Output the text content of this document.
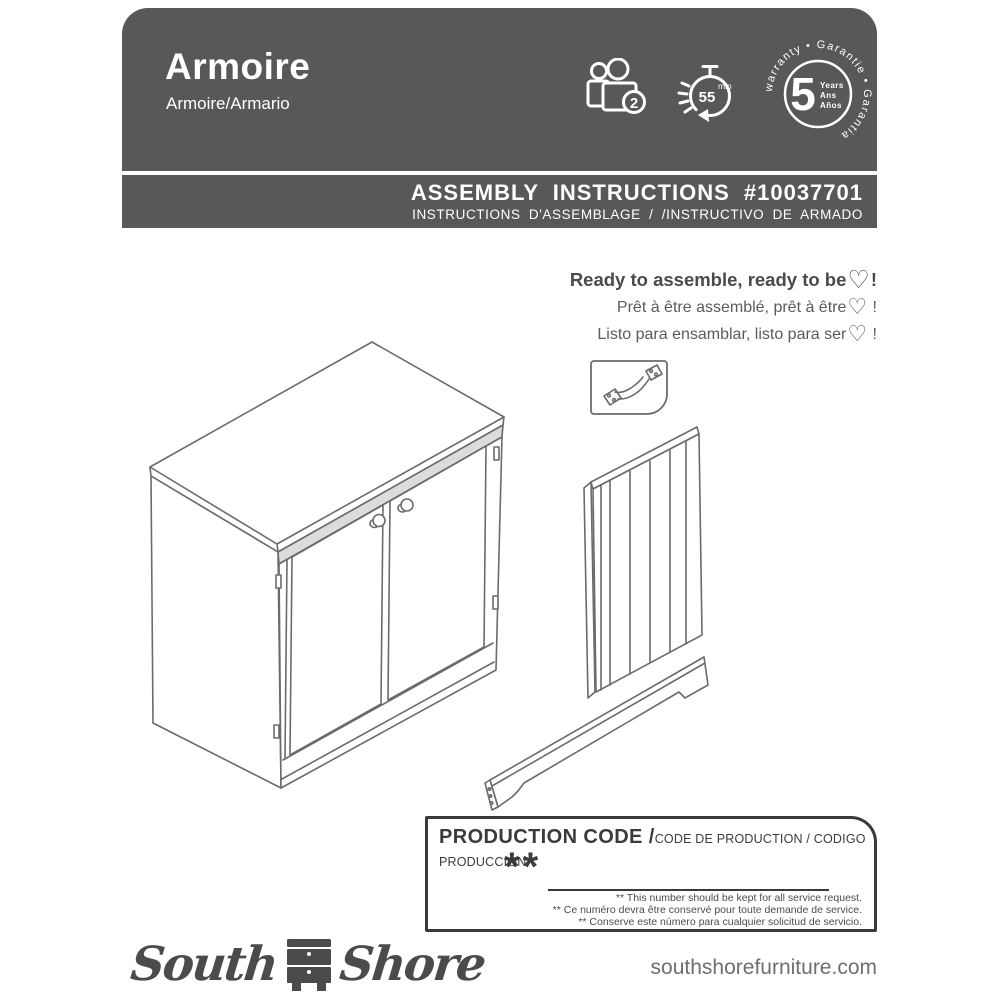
Armoire
Armoire/Armario	2	55
min	warranty • Garantie • Garantia
5 Years
Ans
Años
ASSEMBLY INSTRUCTIONS #10037701
INSTRUCTIONS D'ASSEMBLAGE / /INSTRUCTIVO DE ARMADO
Ready to assemble, ready to be♡!
Prêt à être assemblé, prêt à être♡ !
Listo para ensamblar, listo para ser♡ !
PRODUCTION CODE /CODE DE PRODUCTION / CODIGO PRODUCCION
**
** This number should be kept for all service request.
** Ce numéro devra être conservé pour toute demande de service.
** Conserve este número para cualquier solicitud de servicio.
South Shore	southshorefurniture.com
